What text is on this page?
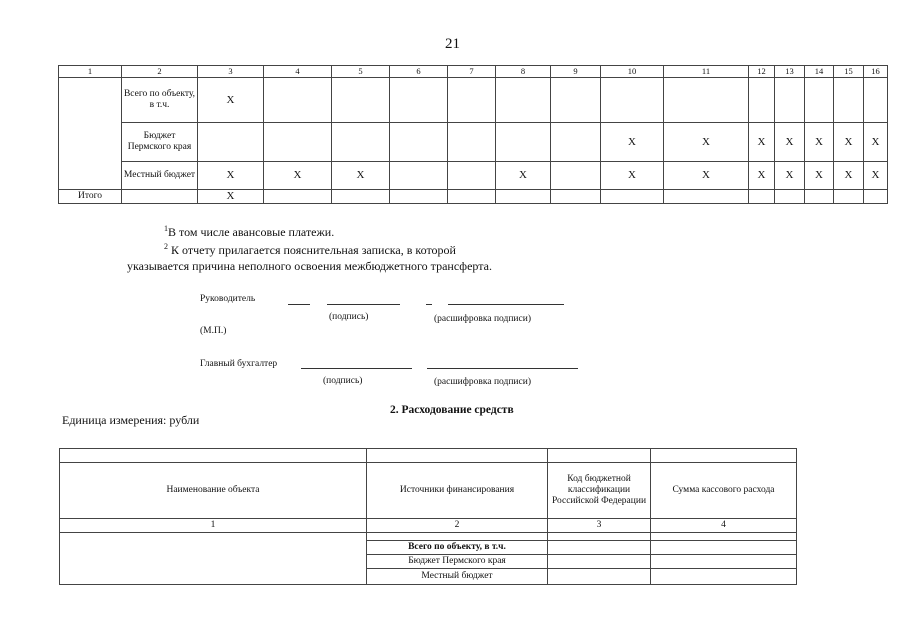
21
1	2	3	4	5	6	7	8	9	10	11	12	13	14	15	16
	Всего по объекту, в т.ч.	X													
	Бюджет Пермского края								X	X	X	X	X	X	X
	Местный бюджет	X	X	X			X		X	X	X	X	X	X	X
Итого		X													
$^1$В том числе авансовые платежи.
$^2$ К отчету прилагается пояснительная записка, в которой
указывается причина неполного освоения межбюджетного трансферта.
Руководитель
(подпись)	(расшифровка подписи)
(М.П.)
Главный бухгалтер
(подпись)	(расшифровка подписи)
2. Расходование средств
Единица измерения: рубли

Наименование объекта	Источники финансирования	Код бюджетной классификации Российской Федерации	Сумма кассового расхода
1	2	3	4

	Всего по объекту, в т.ч.		
	Бюджет Пермского края		
	Местный бюджет		
